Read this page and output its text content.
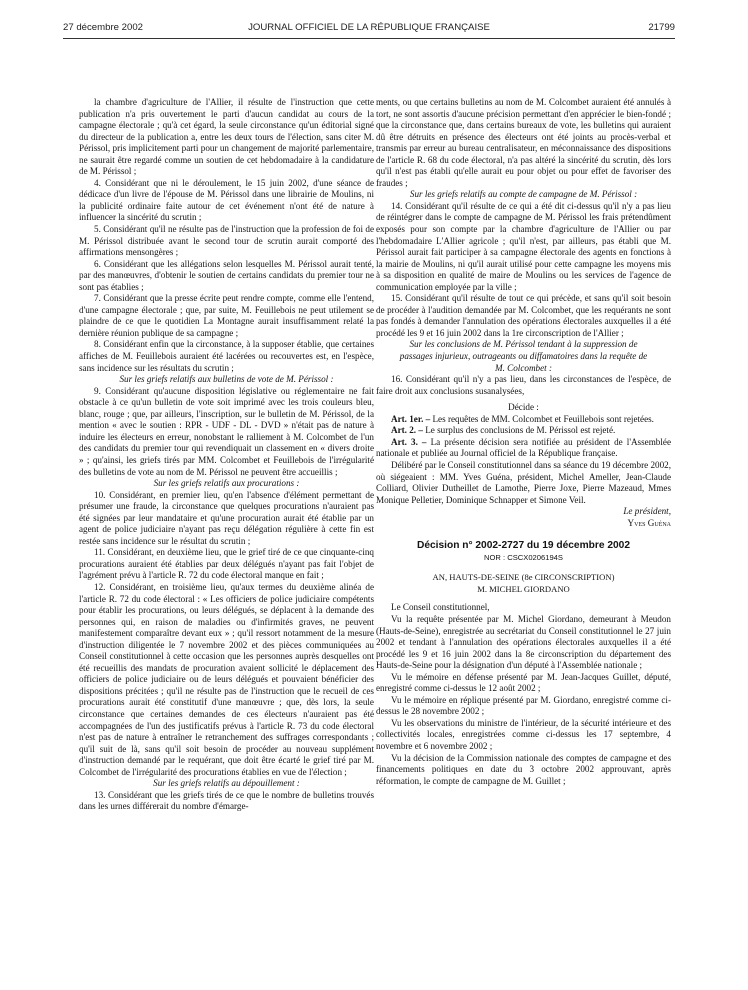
27 décembre 2002	JOURNAL OFFICIEL DE LA RÉPUBLIQUE FRANÇAISE	21799

la chambre d'agriculture de l'Allier, il résulte de l'instruction que cette publication n'a pris ouvertement le parti d'aucun candidat au cours de la campagne électorale ; qu'à cet égard, la seule circonstance qu'un éditorial signé du directeur de la publication a, entre les deux tours de l'élection, sans citer M. Périssol, pris implicitement parti pour un changement de majorité parlementaire, ne saurait être regardé comme un soutien de cet hebdomadaire à la candidature de M. Périssol ;

4. Considérant que ni le déroulement, le 15 juin 2002, d'une séance de dédicace d'un livre de l'épouse de M. Périssol dans une librairie de Moulins, ni la publicité ordinaire faite autour de cet événement n'ont été de nature à influencer la sincérité du scrutin ;

5. Considérant qu'il ne résulte pas de l'instruction que la profession de foi de M. Périssol distribuée avant le second tour de scrutin aurait comporté des affirmations mensongères ;

6. Considérant que les allégations selon lesquelles M. Périssol aurait tenté, par des manœuvres, d'obtenir le soutien de certains candidats du premier tour ne sont pas établies ;

7. Considérant que la presse écrite peut rendre compte, comme elle l'entend, d'une campagne électorale ; que, par suite, M. Feuillebois ne peut utilement se plaindre de ce que le quotidien La Montagne aurait insuffisamment relaté la dernière réunion publique de sa campagne ;

8. Considérant enfin que la circonstance, à la supposer établie, que certaines affiches de M. Feuillebois auraient été lacérées ou recouvertes est, en l'espèce, sans incidence sur les résultats du scrutin ;

Sur les griefs relatifs aux bulletins de vote de M. Périssol :

9. Considérant qu'aucune disposition législative ou réglementaire ne fait obstacle à ce qu'un bulletin de vote soit imprimé avec les trois couleurs bleu, blanc, rouge ; que, par ailleurs, l'inscription, sur le bulletin de M. Périssol, de la mention « avec le soutien : RPR - UDF - DL - DVD » n'était pas de nature à induire les électeurs en erreur, nonobstant le ralliement à M. Colcombet de l'un des candidats du premier tour qui revendiquait un classement en « divers droite » ; qu'ainsi, les griefs tirés par MM. Colcombet et Feuillebois de l'irrégularité des bulletins de vote au nom de M. Périssol ne peuvent être accueillis ;

Sur les griefs relatifs aux procurations :

10. Considérant, en premier lieu, qu'en l'absence d'élément permettant de présumer une fraude, la circonstance que quelques procurations n'auraient pas été signées par leur mandataire et qu'une procuration aurait été établie par un agent de police judiciaire n'ayant pas reçu délégation régulière à cette fin est restée sans incidence sur le résultat du scrutin ;

11. Considérant, en deuxième lieu, que le grief tiré de ce que cinquante-cinq procurations auraient été établies par deux délégués n'ayant pas fait l'objet de l'agrément prévu à l'article R. 72 du code électoral manque en fait ;

12. Considérant, en troisième lieu, qu'aux termes du deuxième alinéa de l'article R. 72 du code électoral : « Les officiers de police judiciaire compétents pour établir les procurations, ou leurs délégués, se déplacent à la demande des personnes qui, en raison de maladies ou d'infirmités graves, ne peuvent manifestement comparaître devant eux » ; qu'il ressort notamment de la mesure d'instruction diligentée le 7 novembre 2002 et des pièces communiquées au Conseil constitutionnel à cette occasion que les personnes auprès desquelles ont été recueillis des mandats de procuration avaient sollicité le déplacement des officiers de police judiciaire ou de leurs délégués et pouvaient bénéficier des dispositions précitées ; qu'il ne résulte pas de l'instruction que le recueil de ces procurations aurait été constitutif d'une manœuvre ; que, dès lors, la seule circonstance que certaines demandes de ces électeurs n'auraient pas été accompagnées de l'un des justificatifs prévus à l'article R. 73 du code électoral n'est pas de nature à entraîner le retranchement des suffrages correspondants ; qu'il suit de là, sans qu'il soit besoin de procéder au nouveau supplément d'instruction demandé par le requérant, que doit être écarté le grief tiré par M. Colcombet de l'irrégularité des procurations établies en vue de l'élection ;

Sur les griefs relatifs au dépouillement :

13. Considérant que les griefs tirés de ce que le nombre de bulletins trouvés dans les urnes différerait du nombre d'émarge-

ments, ou que certains bulletins au nom de M. Colcombet auraient été annulés à tort, ne sont assortis d'aucune précision permettant d'en apprécier le bien-fondé ; que la circonstance que, dans certains bureaux de vote, les bulletins qui auraient dû être détruits en présence des électeurs ont été joints au procès-verbal et transmis par erreur au bureau centralisateur, en méconnaissance des dispositions de l'article R. 68 du code électoral, n'a pas altéré la sincérité du scrutin, dès lors qu'il n'est pas établi qu'elle aurait eu pour objet ou pour effet de favoriser des fraudes ;

Sur les griefs relatifs au compte de campagne de M. Périssol :

14. Considérant qu'il résulte de ce qui a été dit ci-dessus qu'il n'y a pas lieu de réintégrer dans le compte de campagne de M. Périssol les frais prétendûment exposés pour son compte par la chambre d'agriculture de l'Allier ou par l'hebdomadaire L'Allier agricole ; qu'il n'est, par ailleurs, pas établi que M. Périssol aurait fait participer à sa campagne électorale des agents en fonctions à la mairie de Moulins, ni qu'il aurait utilisé pour cette campagne les moyens mis à sa disposition en qualité de maire de Moulins ou les services de l'agence de communication employée par la ville ;

15. Considérant qu'il résulte de tout ce qui précède, et sans qu'il soit besoin de procéder à l'audition demandée par M. Colcombet, que les requérants ne sont pas fondés à demander l'annulation des opérations électorales auxquelles il a été procédé les 9 et 16 juin 2002 dans la 1re circonscription de l'Allier ;

Sur les conclusions de M. Périssol tendant à la suppression de passages injurieux, outrageants ou diffamatoires dans la requête de M. Colcombet :

16. Considérant qu'il n'y a pas lieu, dans les circonstances de l'espèce, de faire droit aux conclusions susanalysées,

Décide :

Art. 1er. – Les requêtes de MM. Colcombet et Feuillebois sont rejetées.

Art. 2. – Le surplus des conclusions de M. Périssol est rejeté.

Art. 3. – La présente décision sera notifiée au président de l'Assemblée nationale et publiée au Journal officiel de la République française.

Délibéré par le Conseil constitutionnel dans sa séance du 19 décembre 2002, où siégeaient : MM. Yves Guéna, président, Michel Ameller, Jean-Claude Colliard, Olivier Dutheillet de Lamothe, Pierre Joxe, Pierre Mazeaud, Mmes Monique Pelletier, Dominique Schnapper et Simone Veil.

Le président,

Yves Guéna

Décision n° 2002-2727 du 19 décembre 2002

NOR : CSCX0206194S

AN, HAUTS-DE-SEINE (8e CIRCONSCRIPTION)

M. MICHEL GIORDANO

Le Conseil constitutionnel,

Vu la requête présentée par M. Michel Giordano, demeurant à Meudon (Hauts-de-Seine), enregistrée au secrétariat du Conseil constitutionnel le 27 juin 2002 et tendant à l'annulation des opérations électorales auxquelles il a été procédé les 9 et 16 juin 2002 dans la 8e circonscription du département des Hauts-de-Seine pour la désignation d'un député à l'Assemblée nationale ;

Vu le mémoire en défense présenté par M. Jean-Jacques Guillet, député, enregistré comme ci-dessus le 12 août 2002 ;

Vu le mémoire en réplique présenté par M. Giordano, enregistré comme ci-dessus le 28 novembre 2002 ;

Vu les observations du ministre de l'intérieur, de la sécurité intérieure et des collectivités locales, enregistrées comme ci-dessus les 17 septembre, 4 novembre et 6 novembre 2002 ;

Vu la décision de la Commission nationale des comptes de campagne et des financements politiques en date du 3 octobre 2002 approuvant, après réformation, le compte de campagne de M. Guillet ;
